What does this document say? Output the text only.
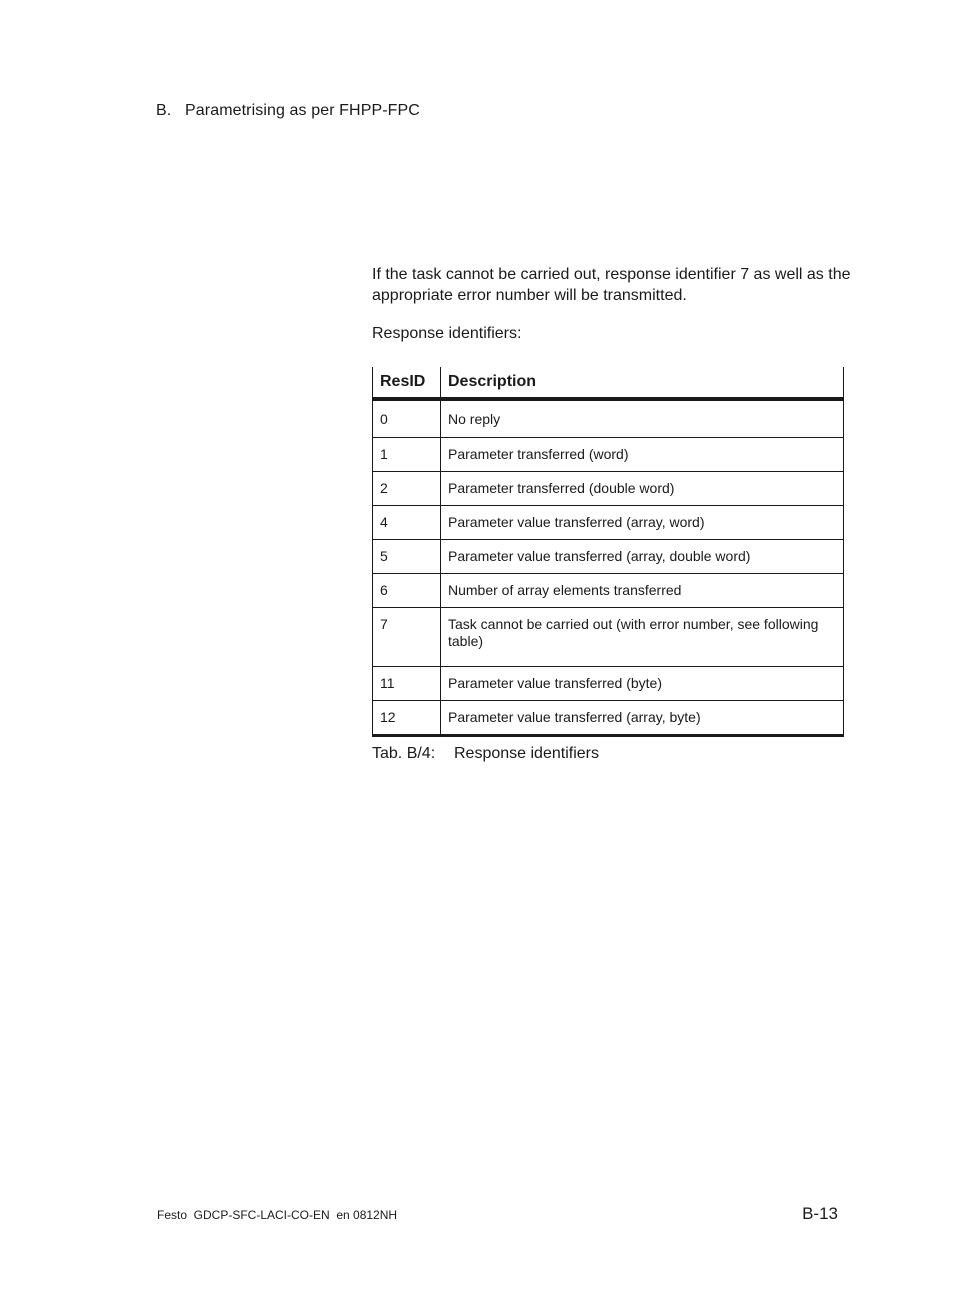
B. Parametrising as per FHPP-FPC

If the task cannot be carried out, response identifier 7 as well as the appropriate error number will be transmitted.

Response identifiers:

ResID	Description
0	No reply
1	Parameter transferred (word)
2	Parameter transferred (double word)
4	Parameter value transferred (array, word)
5	Parameter value transferred (array, double word)
6	Number of array elements transferred
7	Task cannot be carried out (with error number, see following table)
11	Parameter value transferred (byte)
12	Parameter value transferred (array, byte)
Tab. B/4: Response identifiers
Festo  GDCP-SFC-LACI-CO-EN  en 0812NH	B-13
